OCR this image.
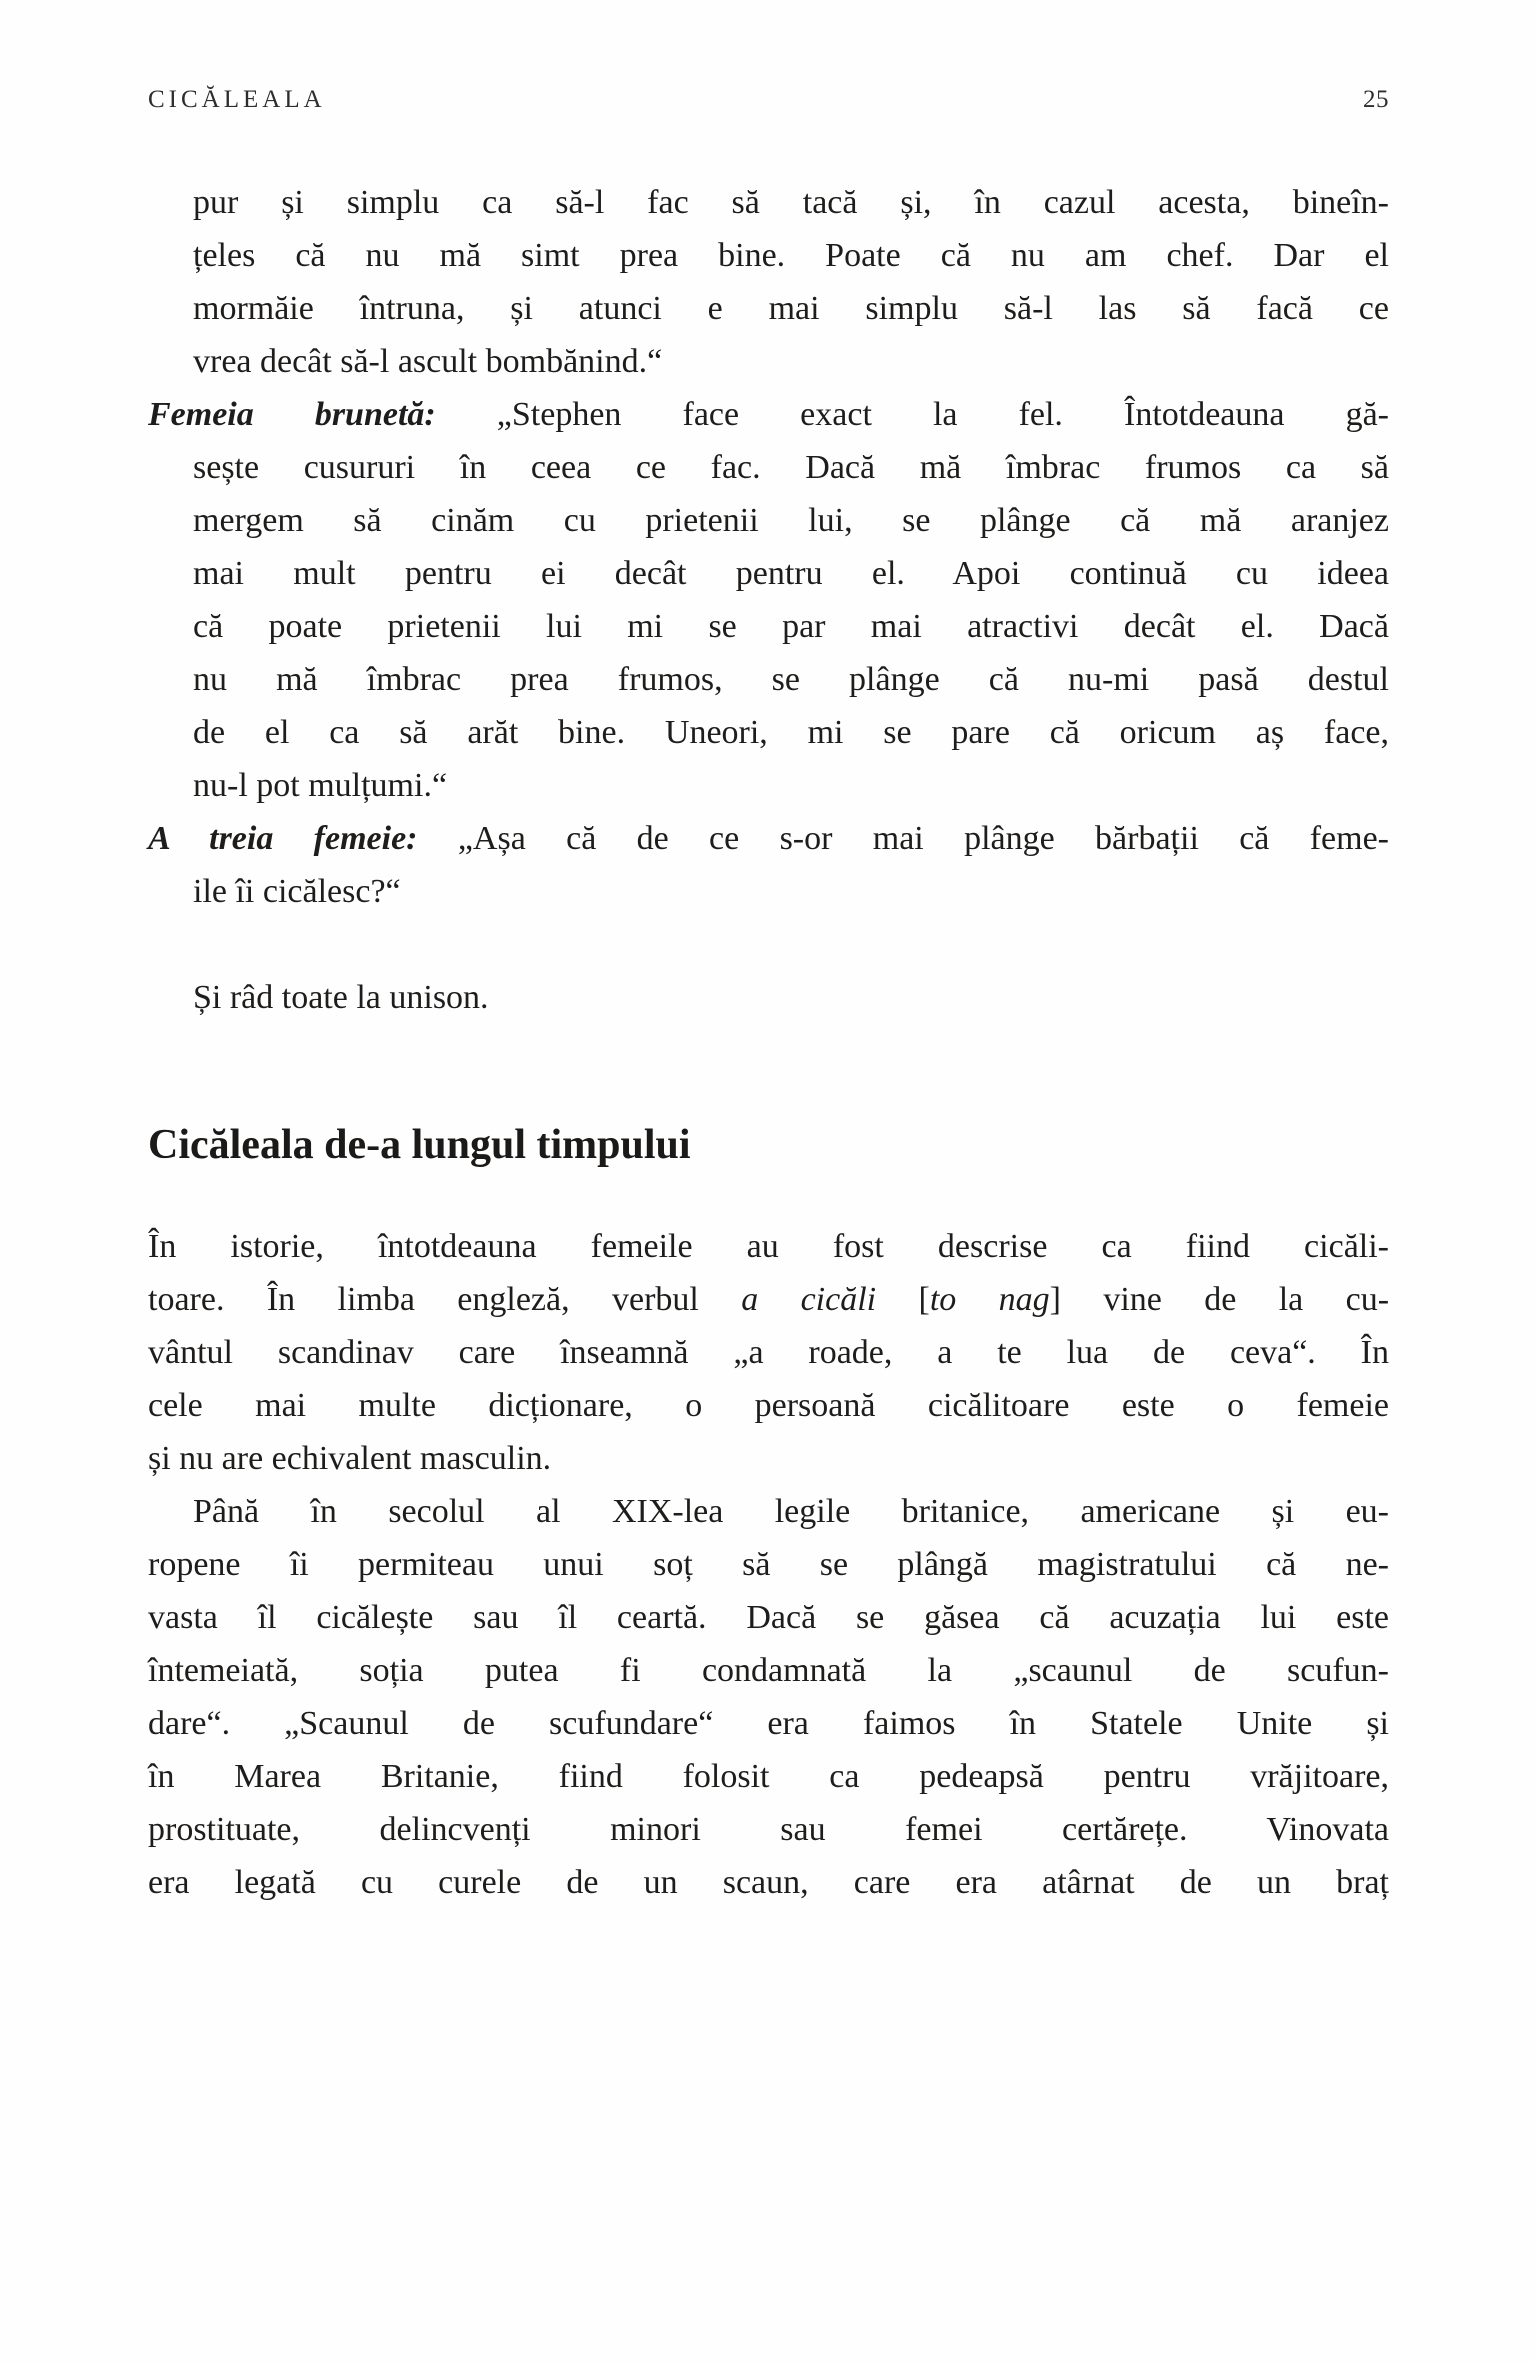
CICĂLEALA	25
pur și simplu ca să-l fac să tacă și, în cazul acesta, bineîn-
țeles că nu mă simt prea bine. Poate că nu am chef. Dar el
mormăie întruna, și atunci e mai simplu să-l las să facă ce
vrea decât să-l ascult bombănind.“
Femeia brunetă: „Stephen face exact la fel. Întotdeauna gă-
sește cusururi în ceea ce fac. Dacă mă îmbrac frumos ca să
mergem să cinăm cu prietenii lui, se plânge că mă aranjez
mai mult pentru ei decât pentru el. Apoi continuă cu ideea
că poate prietenii lui mi se par mai atractivi decât el. Dacă
nu mă îmbrac prea frumos, se plânge că nu-mi pasă destul
de el ca să arăt bine. Uneori, mi se pare că oricum aș face,
nu-l pot mulțumi.“
A treia femeie: „Așa că de ce s-or mai plânge bărbații că feme-
ile îi cicălesc?“
Și râd toate la unison.
Cicăleala de-a lungul timpului
În istorie, întotdeauna femeile au fost descrise ca fiind cicăli-
toare. În limba engleză, verbul a cicăli [to nag] vine de la cu-
vântul scandinav care înseamnă „a roade, a te lua de ceva“. În
cele mai multe dicționare, o persoană cicălitoare este o femeie
și nu are echivalent masculin.
Până în secolul al XIX-lea legile britanice, americane și eu-
ropene îi permiteau unui soț să se plângă magistratului că ne-
vasta îl cicălește sau îl ceartă. Dacă se găsea că acuzația lui este
întemeiată, soția putea fi condamnată la „scaunul de scufun-
dare“. „Scaunul de scufundare“ era faimos în Statele Unite și
în Marea Britanie, fiind folosit ca pedeapsă pentru vrăjitoare,
prostituate, delincvenți minori sau femei certărețe. Vinovata
era legată cu curele de un scaun, care era atârnat de un braț
